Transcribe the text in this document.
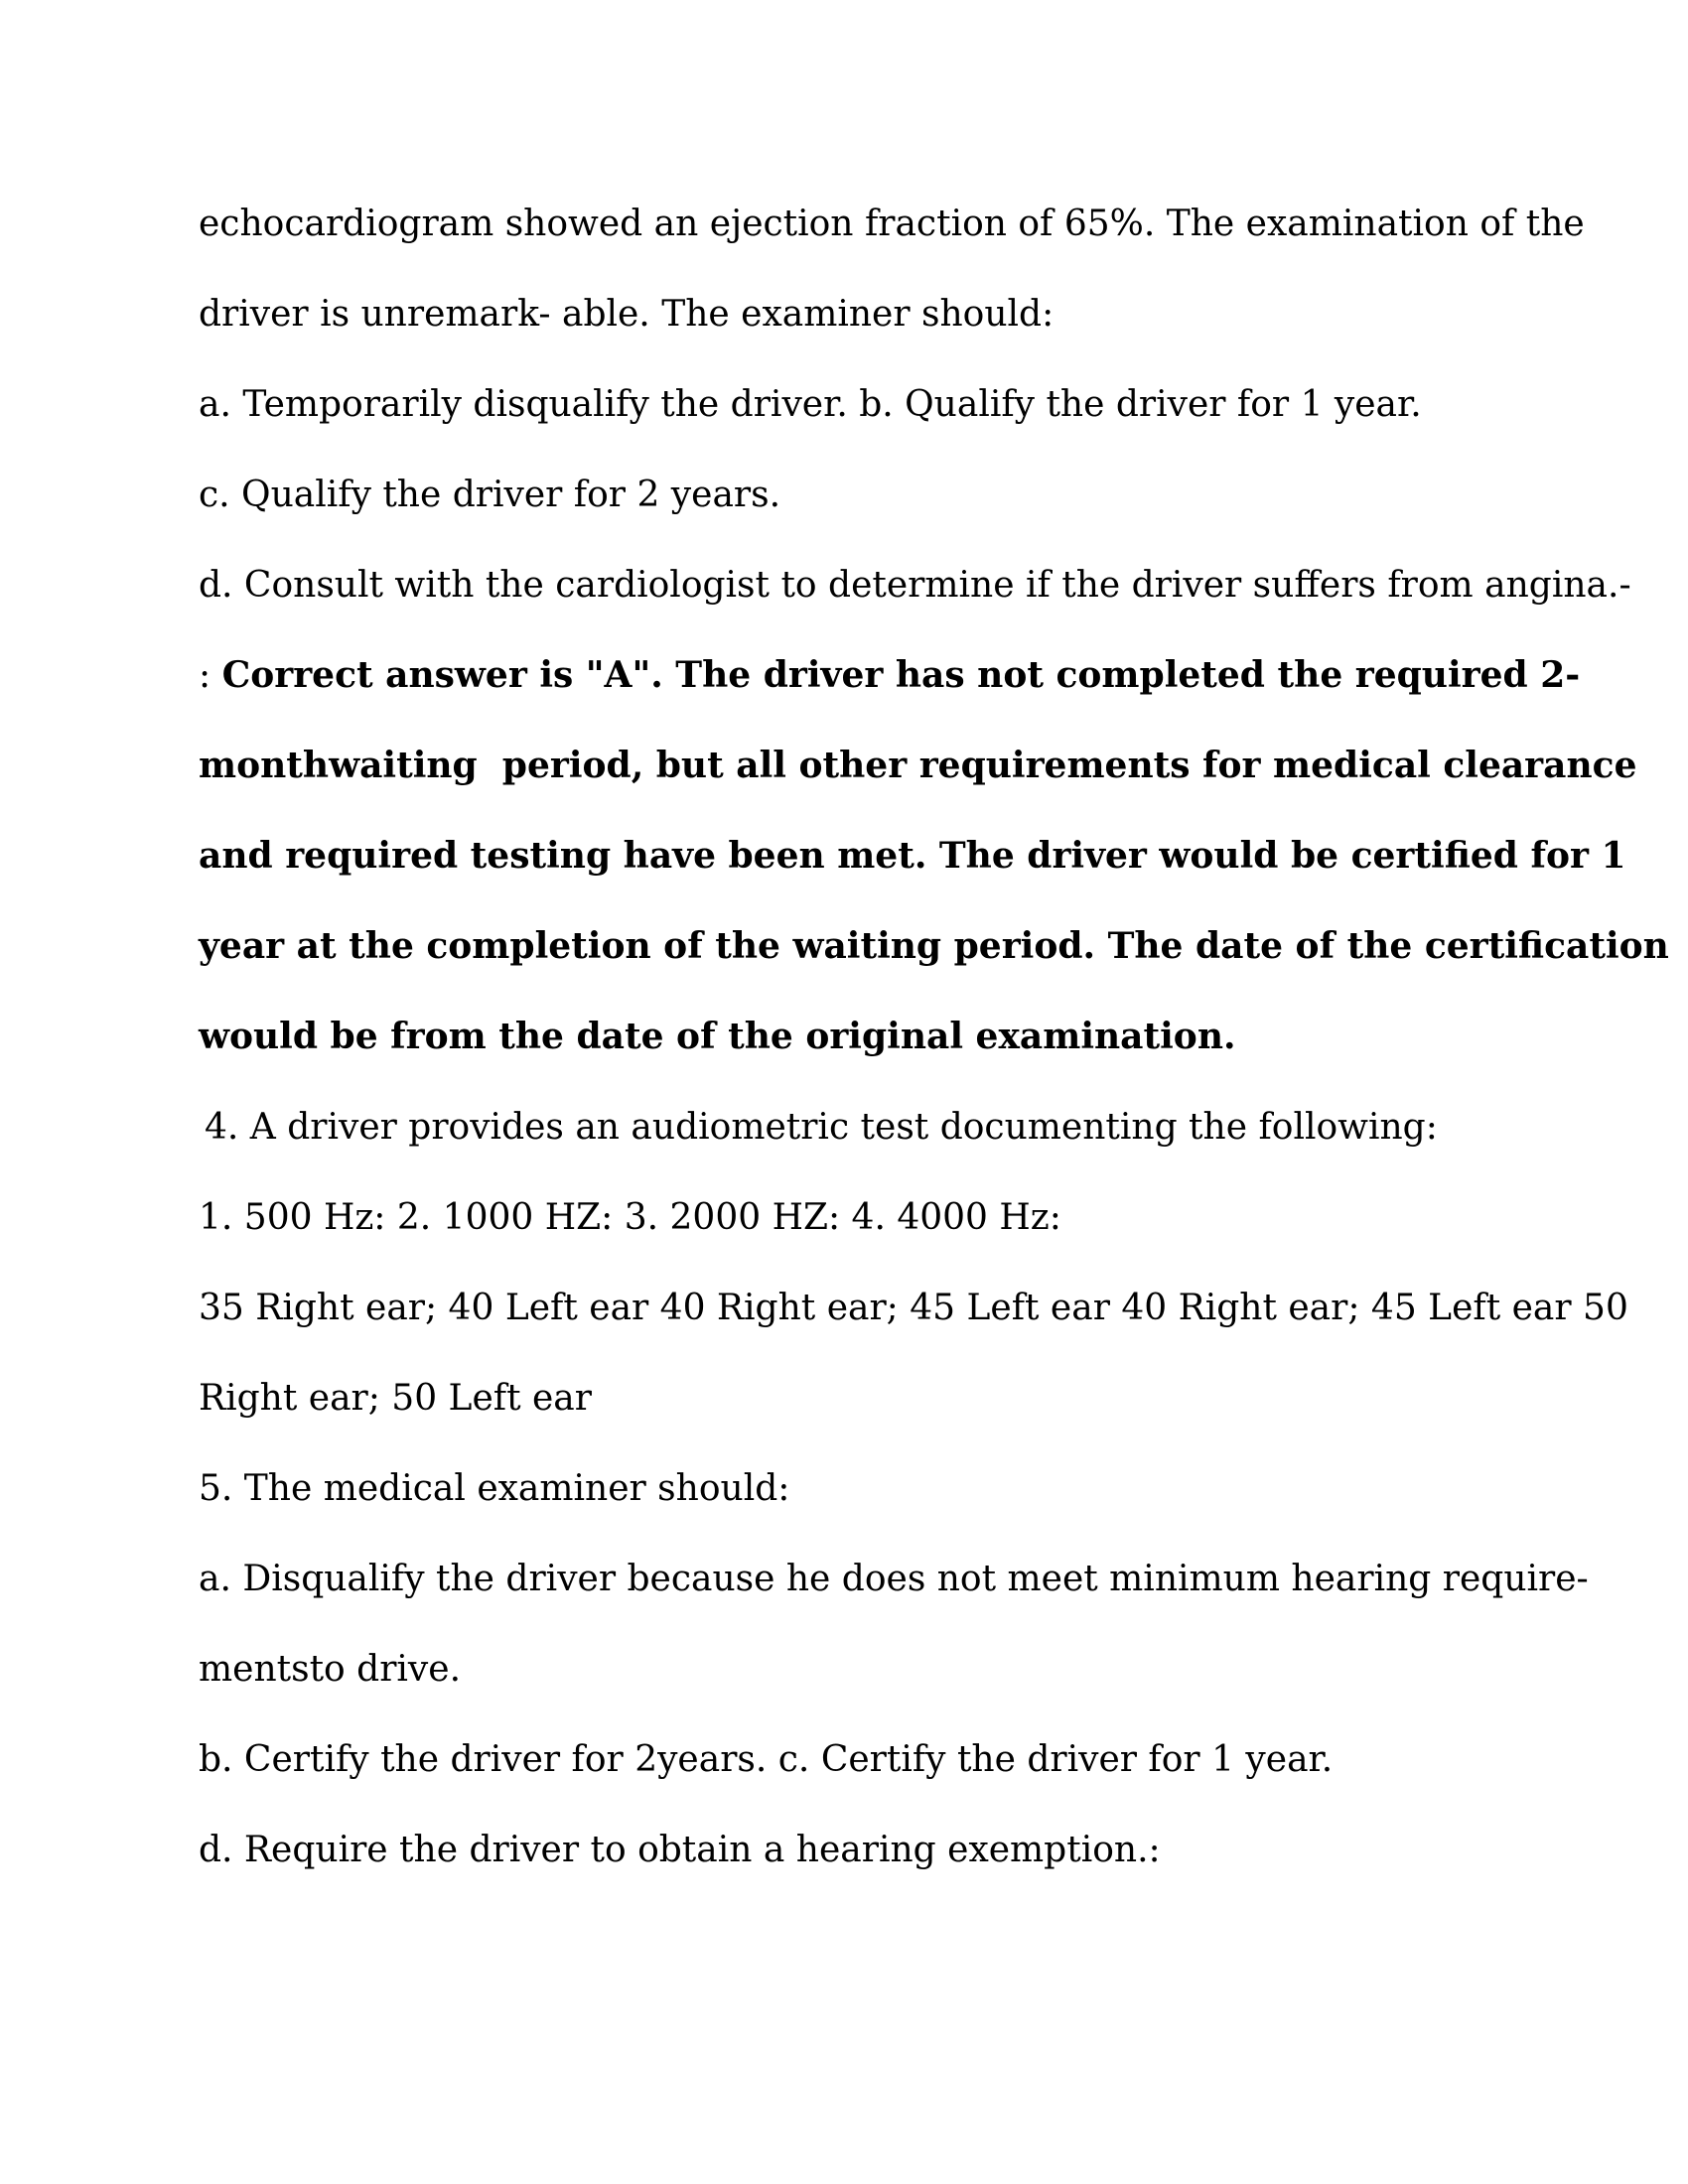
echocardiogram showed an ejection fraction of 65%. The examination of the
driver is unremark- able. The examiner should:
a. Temporarily disqualify the driver. b. Qualify the driver for 1 year.
c. Qualify the driver for 2 years.
d. Consult with the cardiologist to determine if the driver suffers from angina.-
: Correct answer is "A". The driver has not completed the required 2-
monthwaiting  period, but all other requirements for medical clearance
and required testing have been met. The driver would be certified for 1
year at the completion of the waiting period. The date of the certification
would be from the date of the original examination.
4. A driver provides an audiometric test documenting the following:
1. 500 Hz: 2. 1000 HZ: 3. 2000 HZ: 4. 4000 Hz:
35 Right ear; 40 Left ear 40 Right ear; 45 Left ear 40 Right ear; 45 Left ear 50
Right ear; 50 Left ear
5. The medical examiner should:
a. Disqualify the driver because he does not meet minimum hearing require-
mentsto drive.
b. Certify the driver for 2years. c. Certify the driver for 1 year.
d. Require the driver to obtain a hearing exemption.:
